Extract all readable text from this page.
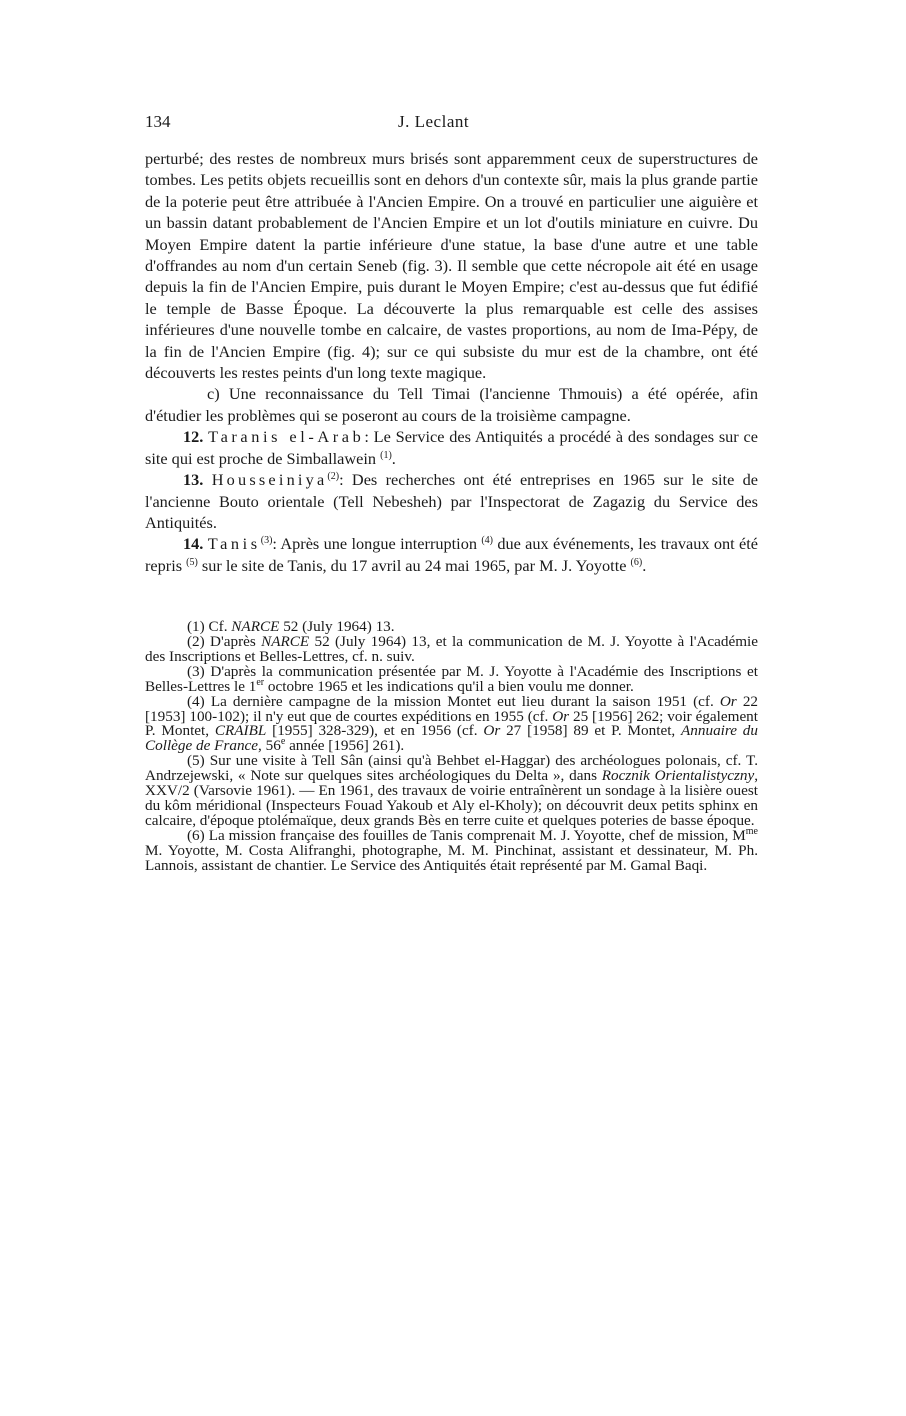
134	J. Leclant

perturbé; des restes de nombreux murs brisés sont apparemment ceux de superstructures de tombes. Les petits objets recueillis sont en dehors d'un contexte sûr, mais la plus grande partie de la poterie peut être attribuée à l'Ancien Empire. On a trouvé en particulier une aiguière et un bassin datant probablement de l'Ancien Empire et un lot d'outils miniature en cuivre. Du Moyen Empire datent la partie inférieure d'une statue, la base d'une autre et une table d'offrandes au nom d'un certain Seneb (fig. 3). Il semble que cette nécropole ait été en usage depuis la fin de l'Ancien Empire, puis durant le Moyen Empire; c'est au-dessus que fut édifié le temple de Basse Époque. La découverte la plus remarquable est celle des assises inférieures d'une nouvelle tombe en calcaire, de vastes proportions, au nom de Ima-Pépy, de la fin de l'Ancien Empire (fig. 4); sur ce qui subsiste du mur est de la chambre, ont été découverts les restes peints d'un long texte magique.

c) Une reconnaissance du Tell Timai (l'ancienne Thmouis) a été opérée, afin d'étudier les problèmes qui se poseront au cours de la troisième campagne.

12. Taranis el-Arab: Le Service des Antiquités a procédé à des sondages sur ce site qui est proche de Simballawein $^{(1)}$.

13. Housseiniya$^{(2)}$: Des recherches ont été entreprises en 1965 sur le site de l'ancienne Bouto orientale (Tell Nebesheh) par l'Inspectorat de Zagazig du Service des Antiquités.

14. Tanis$^{(3)}$: Après une longue interruption $^{(4)}$ due aux événements, les travaux ont été repris $^{(5)}$ sur le site de Tanis, du 17 avril au 24 mai 1965, par M. J. Yoyotte $^{(6)}$.

(1) Cf. NARCE 52 (July 1964) 13.

(2) D'après NARCE 52 (July 1964) 13, et la communication de M. J. Yoyotte à l'Académie des Inscriptions et Belles-Lettres, cf. n. suiv.

(3) D'après la communication présentée par M. J. Yoyotte à l'Académie des Inscriptions et Belles-Lettres le 1er octobre 1965 et les indications qu'il a bien voulu me donner.

(4) La dernière campagne de la mission Montet eut lieu durant la saison 1951 (cf. Or 22 [1953] 100-102); il n'y eut que de courtes expéditions en 1955 (cf. Or 25 [1956] 262; voir également P. Montet, CRAIBL [1955] 328-329), et en 1956 (cf. Or 27 [1958] 89 et P. Montet, Annuaire du Collège de France, 56e année [1956] 261).

(5) Sur une visite à Tell Sân (ainsi qu'à Behbet el-Haggar) des archéologues polonais, cf. T. Andrzejewski, « Note sur quelques sites archéologiques du Delta », dans Rocznik Orientalistyczny, XXV/2 (Varsovie 1961). — En 1961, des travaux de voirie entraînèrent un sondage à la lisière ouest du kôm méridional (Inspecteurs Fouad Yakoub et Aly el-Kholy); on découvrit deux petits sphinx en calcaire, d'époque ptolémaïque, deux grands Bès en terre cuite et quelques poteries de basse époque.

(6) La mission française des fouilles de Tanis comprenait M. J. Yoyotte, chef de mission, $M^{me}$ M. Yoyotte, M. Costa Alifranghi, photographe, M. M. Pinchinat, assistant et dessinateur, M. Ph. Lannois, assistant de chantier. Le Service des Antiquités était représenté par M. Gamal Baqi.
